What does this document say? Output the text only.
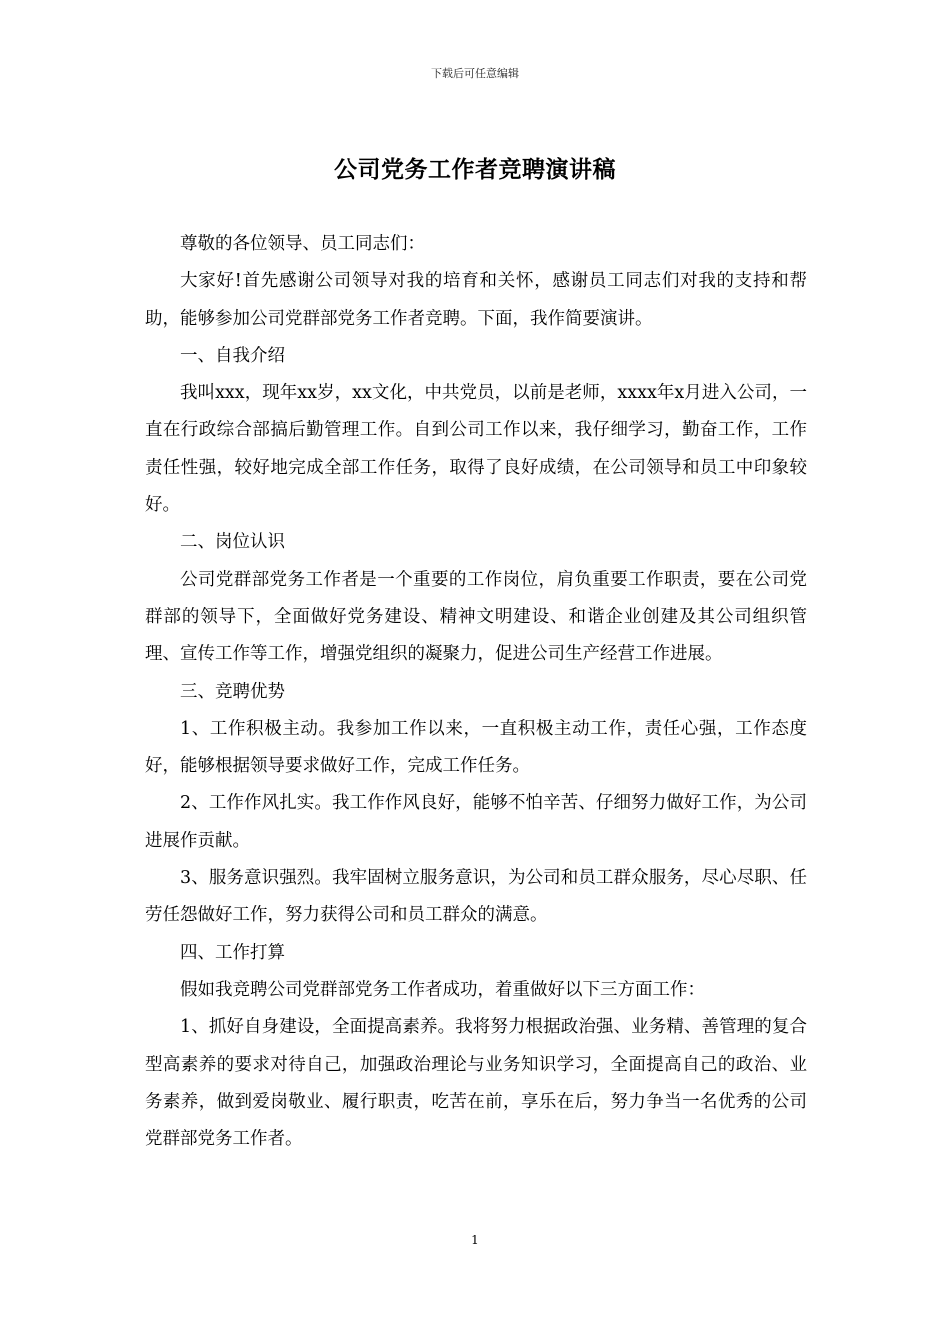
下载后可任意编辑
公司党务工作者竞聘演讲稿

尊敬的各位领导、员工同志们：

大家好!首先感谢公司领导对我的培育和关怀，感谢员工同志们对我的支持和帮助，能够参加公司党群部党务工作者竞聘。下面，我作简要演讲。

一、自我介绍

我叫xxx，现年xx岁，xx文化，中共党员，以前是老师，xxxx年x月进入公司，一直在行政综合部搞后勤管理工作。自到公司工作以来，我仔细学习，勤奋工作，工作责任性强，较好地完成全部工作任务，取得了良好成绩，在公司领导和员工中印象较好。

二、岗位认识

公司党群部党务工作者是一个重要的工作岗位，肩负重要工作职责，要在公司党群部的领导下，全面做好党务建设、精神文明建设、和谐企业创建及其公司组织管理、宣传工作等工作，增强党组织的凝聚力，促进公司生产经营工作进展。

三、竞聘优势

1、工作积极主动。我参加工作以来，一直积极主动工作，责任心强，工作态度好，能够根据领导要求做好工作，完成工作任务。

2、工作作风扎实。我工作作风良好，能够不怕辛苦、仔细努力做好工作，为公司进展作贡献。

3、服务意识强烈。我牢固树立服务意识，为公司和员工群众服务，尽心尽职、任劳任怨做好工作，努力获得公司和员工群众的满意。

四、工作打算

假如我竞聘公司党群部党务工作者成功，着重做好以下三方面工作：

1、抓好自身建设，全面提高素养。我将努力根据政治强、业务精、善管理的复合型高素养的要求对待自己，加强政治理论与业务知识学习，全面提高自己的政治、业务素养，做到爱岗敬业、履行职责，吃苦在前，享乐在后，努力争当一名优秀的公司党群部党务工作者。

1
